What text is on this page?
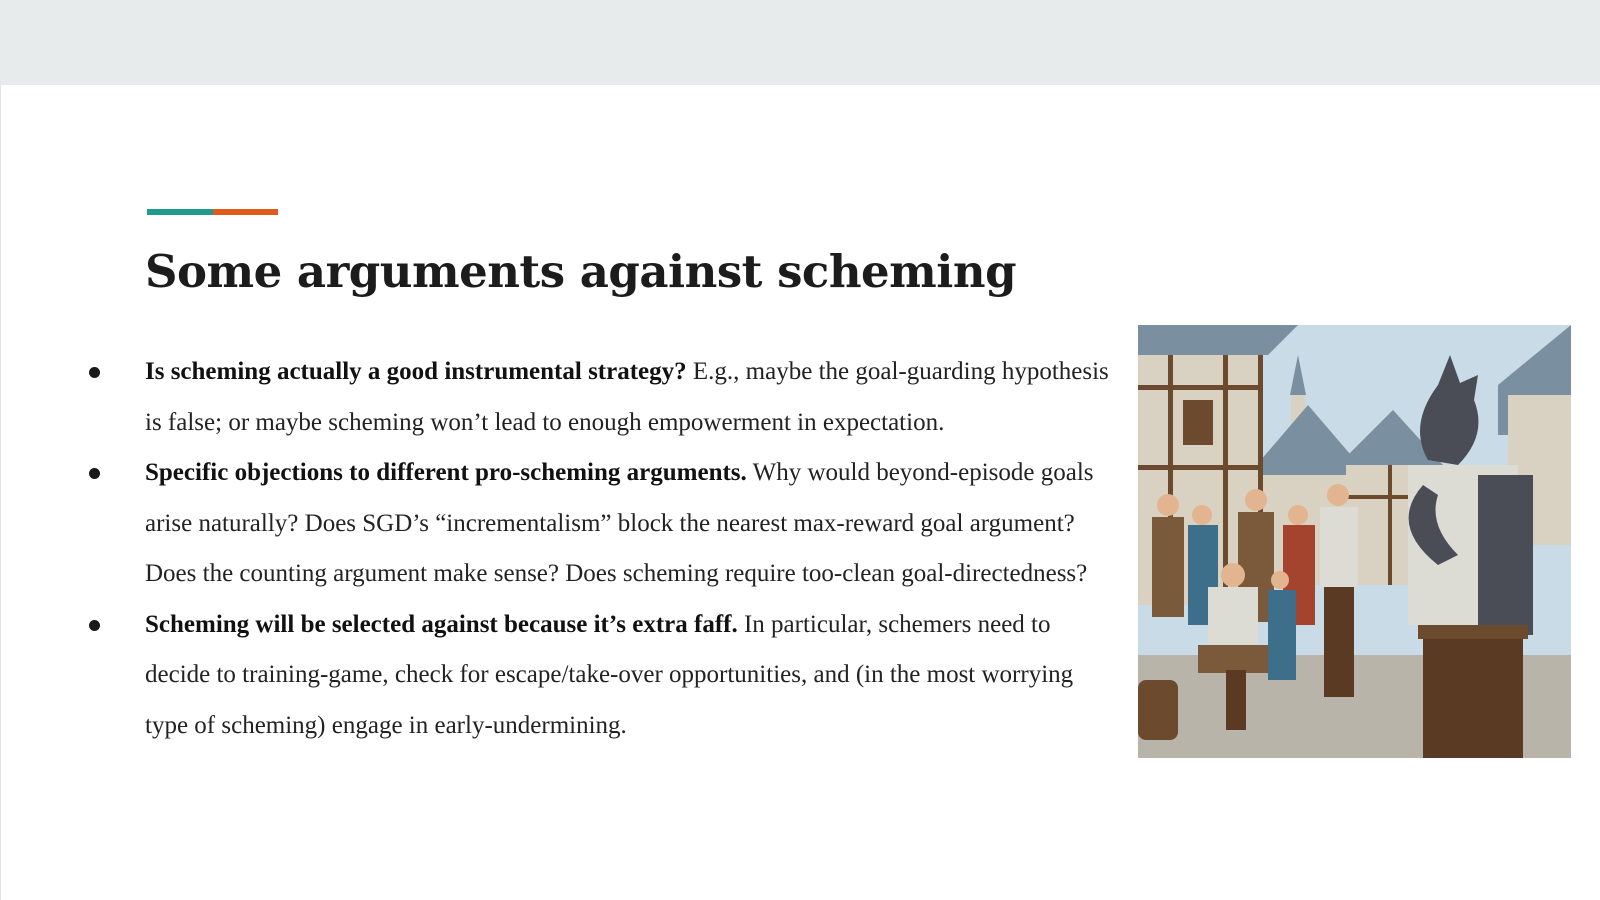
Some arguments against scheming
Is scheming actually a good instrumental strategy? E.g., maybe the goal-guarding hypothesis is false; or maybe scheming won’t lead to enough empowerment in expectation.
Specific objections to different pro-scheming arguments. Why would beyond-episode goals arise naturally? Does SGD’s “incrementalism” block the nearest max-reward goal argument? Does the counting argument make sense? Does scheming require too-clean goal-directedness?
Scheming will be selected against because it’s extra faff. In particular, schemers need to decide to training-game, check for escape/take-over opportunities, and (in the most worrying type of scheming) engage in early-undermining.
